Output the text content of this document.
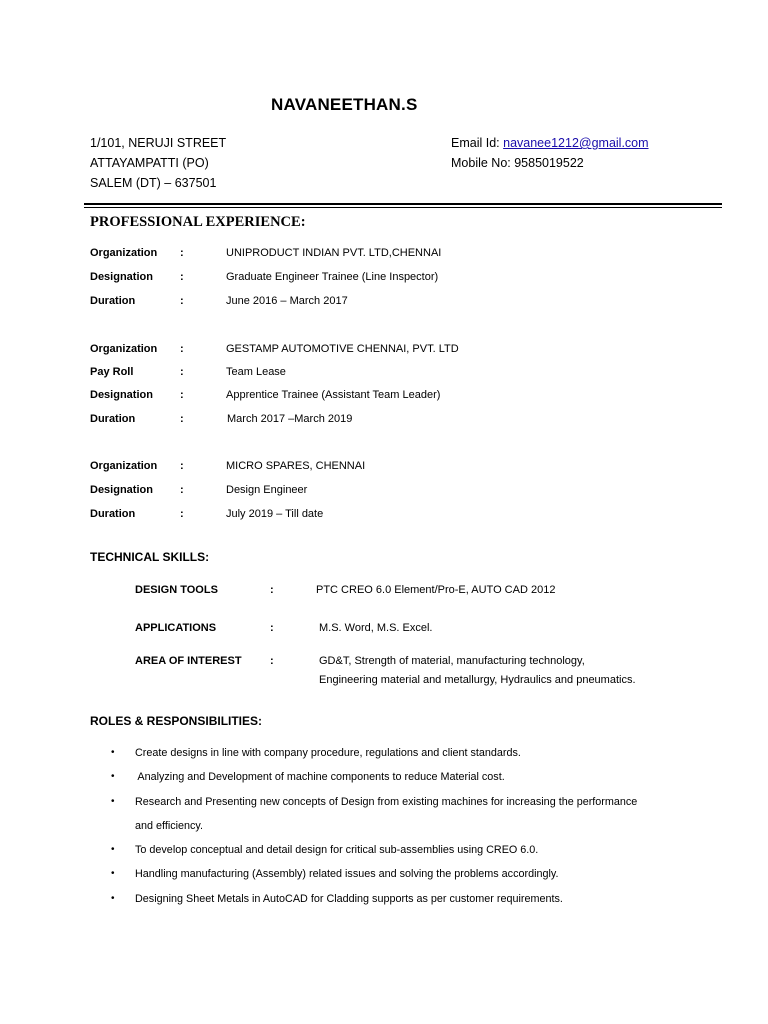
NAVANEETHAN.S
1/101, NERUJI STREET
ATTAYAMPATTI (PO)
SALEM (DT) – 637501
Email Id: navanee1212@gmail.com
Mobile No: 9585019522
PROFESSIONAL EXPERIENCE:
Organization :	UNIPRODUCT INDIAN PVT. LTD,CHENNAI
Designation :	Graduate Engineer Trainee (Line Inspector)
Duration	:	June 2016 – March 2017
Organization :	GESTAMP AUTOMOTIVE CHENNAI, PVT. LTD
Pay Roll	:	Team Lease
Designation :	Apprentice Trainee (Assistant Team Leader)
Duration	:	March 2017 –March 2019
Organization :	MICRO SPARES, CHENNAI
Designation :	Design Engineer
Duration	:	July 2019 – Till date
TECHNICAL SKILLS:
DESIGN TOOLS	:	PTC CREO 6.0 Element/Pro-E, AUTO CAD 2012
APPLICATIONS	:	M.S. Word, M.S. Excel.
AREA OF INTEREST	:	GD&T, Strength of material, manufacturing technology,
Engineering material and metallurgy, Hydraulics and pneumatics.
ROLES & RESPONSIBILITIES:
• Create designs in line with company procedure, regulations and client standards.
• Analyzing and Development of machine components to reduce Material cost.
• Research and Presenting new concepts of Design from existing machines for increasing the performance
and efficiency.
• To develop conceptual and detail design for critical sub-assemblies using CREO 6.0.
• Handling manufacturing (Assembly) related issues and solving the problems accordingly.
• Designing Sheet Metals in AutoCAD for Cladding supports as per customer requirements.
